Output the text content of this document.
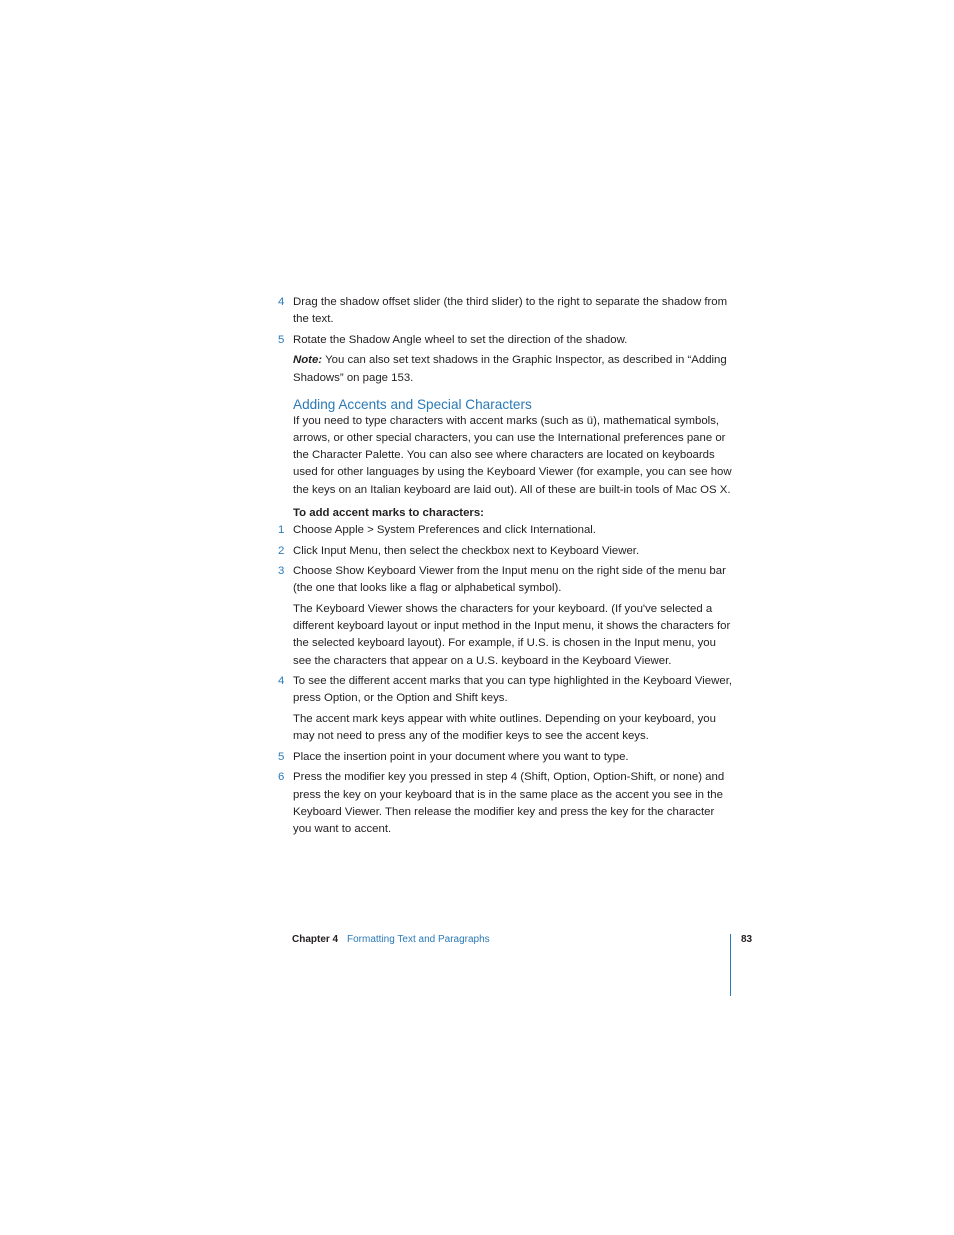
4 Drag the shadow offset slider (the third slider) to the right to separate the shadow from the text.
5 Rotate the Shadow Angle wheel to set the direction of the shadow.
Note: You can also set text shadows in the Graphic Inspector, as described in “Adding Shadows” on page 153.
Adding Accents and Special Characters
If you need to type characters with accent marks (such as ü), mathematical symbols, arrows, or other special characters, you can use the International preferences pane or the Character Palette. You can also see where characters are located on keyboards used for other languages by using the Keyboard Viewer (for example, you can see how the keys on an Italian keyboard are laid out). All of these are built-in tools of Mac OS X.
To add accent marks to characters:
1 Choose Apple > System Preferences and click International.
2 Click Input Menu, then select the checkbox next to Keyboard Viewer.
3 Choose Show Keyboard Viewer from the Input menu on the right side of the menu bar (the one that looks like a flag or alphabetical symbol).
The Keyboard Viewer shows the characters for your keyboard. (If you've selected a different keyboard layout or input method in the Input menu, it shows the characters for the selected keyboard layout). For example, if U.S. is chosen in the Input menu, you see the characters that appear on a U.S. keyboard in the Keyboard Viewer.
4 To see the different accent marks that you can type highlighted in the Keyboard Viewer, press Option, or the Option and Shift keys.
The accent mark keys appear with white outlines. Depending on your keyboard, you may not need to press any of the modifier keys to see the accent keys.
5 Place the insertion point in your document where you want to type.
6 Press the modifier key you pressed in step 4 (Shift, Option, Option-Shift, or none) and press the key on your keyboard that is in the same place as the accent you see in the Keyboard Viewer. Then release the modifier key and press the key for the character you want to accent.
Chapter 4 Formatting Text and Paragraphs	83
